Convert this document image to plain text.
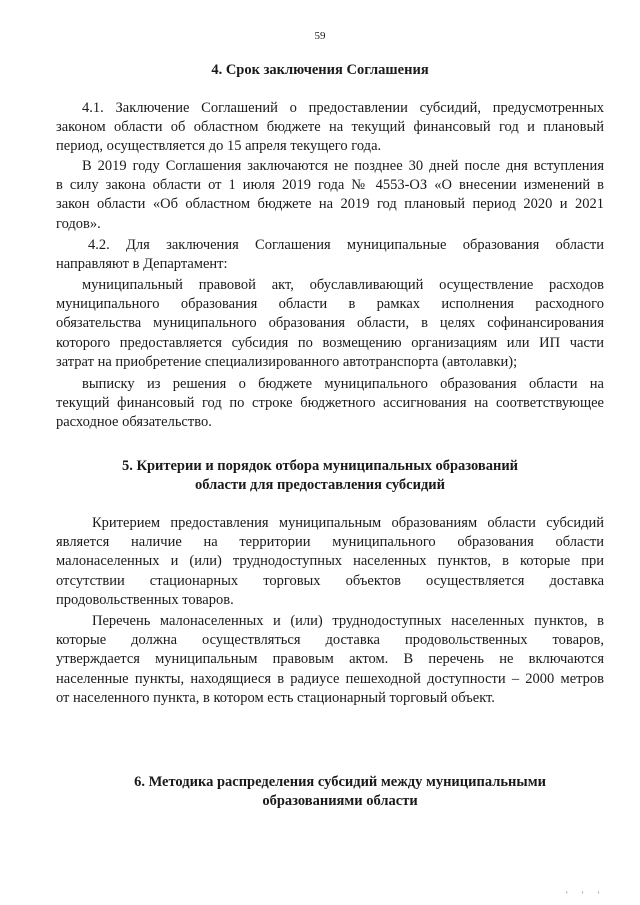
59
4. Срок заключения Соглашения
4.1. Заключение Соглашений о предоставлении субсидий, предусмотренных
законом области об областном бюджете на текущий финансовый год и плановый
период, осуществляется до 15 апреля текущего года.
В 2019 году Соглашения заключаются не позднее 30 дней после дня вступления
в силу закона области от 1 июля 2019 года № 4553-ОЗ «О внесении изменений в
закон области «Об областном бюджете на 2019 год плановый период 2020 и 2021
годов».
4.2. Для заключения Соглашения муниципальные образования области
направляют в Департамент:
муниципальный правовой акт, обуславливающий осуществление расходов
муниципального образования области в рамках исполнения расходного
обязательства муниципального образования области, в целях софинансирования
которого предоставляется субсидия по возмещению организациям или ИП части
затрат на приобретение специализированного автотранспорта (автолавки);
выписку из решения о бюджете муниципального образования области на
текущий финансовый год по строке бюджетного ассигнования на соответствующее
расходное обязательство.
5. Критерии и порядок отбора муниципальных образований
области для предоставления субсидий
Критерием предоставления муниципальным образованиям области субсидий
является наличие на территории муниципального образования области
малонаселенных и (или) труднодоступных населенных пунктов, в которые при
отсутствии стационарных торговых объектов осуществляется доставка
продовольственных товаров.
Перечень малонаселенных и (или) труднодоступных населенных пунктов, в
которые должна осуществляться доставка продовольственных товаров,
утверждается муниципальным правовым актом. В перечень не включаются
населенные пункты, находящиеся в радиусе пешеходной доступности – 2000 метров
от населенного пункта, в котором есть стационарный торговый объект.
6. Методика распределения субсидий между муниципальными
образованиями области
' ' '
